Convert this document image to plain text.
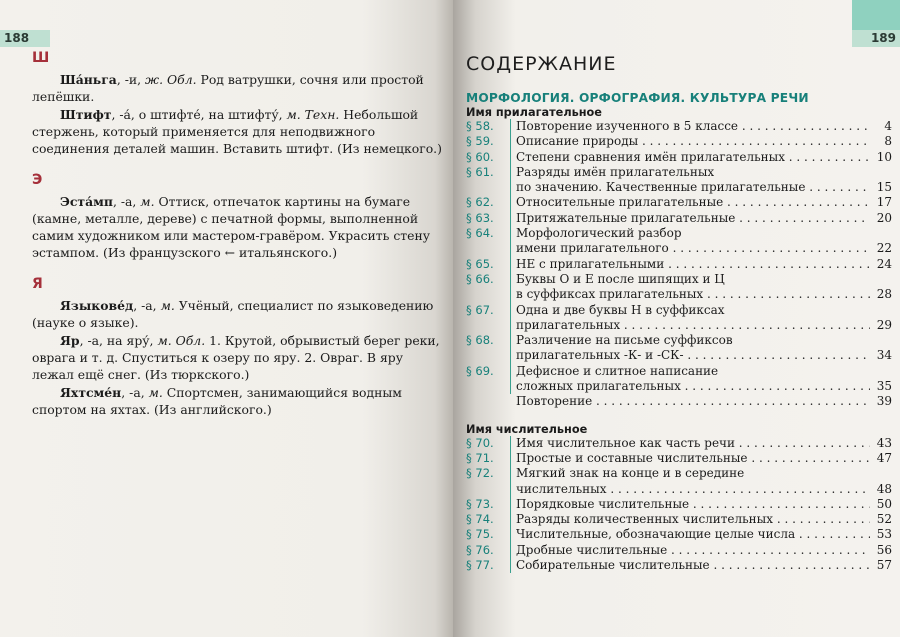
188
Ш

Ша́ньга, -и, ж. Обл. Род ватрушки, сочня или простой лепёшки.

Штифт, -а́, о штифте́, на штифту́, м. Техн. Небольшой стержень, который применяется для неподвижного соединения деталей машин. Вставить штифт. (Из немецкого.)

Э

Эста́мп, -а, м. Оттиск, отпечаток картины на бумаге (камне, металле, дереве) с печатной формы, выполненной самим художником или мастером-гравёром. Украсить стену эстампом. (Из французского ← итальянского.)

Я

Языкове́д, -а, м. Учёный, специалист по языковедению (науке о языке).

Яр, -а, на яру́, м. Обл. 1. Крутой, обрывистый берег реки, оврага и т. д. Спуститься к озеру по яру. 2. Овраг. В яру лежал ещё снег. (Из тюркского.)

Яхтсме́н, -а, м. Спортсмен, занимающийся водным спортом на яхтах. (Из английского.)

189
СОДЕРЖАНИЕ
МОРФОЛОГИЯ. ОРФОГРАФИЯ. КУЛЬТУРА РЕЧИ
Имя прилагательное
§ 58.	Повторение изученного в 5 классе . . .	4
§ 59.	Описание природы . . .	8
§ 60.	Степени сравнения имён прилагательных . . .	10
§ 61.	Разряды имён прилагательных
по значению. Качественные прилагательные . . .	15
§ 62.	Относительные прилагательные . . .	17
§ 63.	Притяжательные прилагательные . . .	20
§ 64.	Морфологический разбор
имени прилагательного . . .	22
§ 65.	НЕ с прилагательными . . .	24
§ 66.	Буквы О и Е после шипящих и Ц
в суффиксах прилагательных . . .	28
§ 67.	Одна и две буквы Н в суффиксах
прилагательных . . .	29
§ 68.	Различение на письме суффиксов
прилагательных -К- и -СК- . . .	34
§ 69.	Дефисное и слитное написание
сложных прилагательных . . .	35
Повторение . . .	39
Имя числительное
§ 70.	Имя числительное как часть речи . . .	43
§ 71.	Простые и составные числительные . . .	47
§ 72.	Мягкий знак на конце и в середине
числительных . . .	48
§ 73.	Порядковые числительные . . .	50
§ 74.	Разряды количественных числительных . . .	52
§ 75.	Числительные, обозначающие целые числа . . .	53
§ 76.	Дробные числительные . . .	56
§ 77.	Собирательные числительные . . .	57
